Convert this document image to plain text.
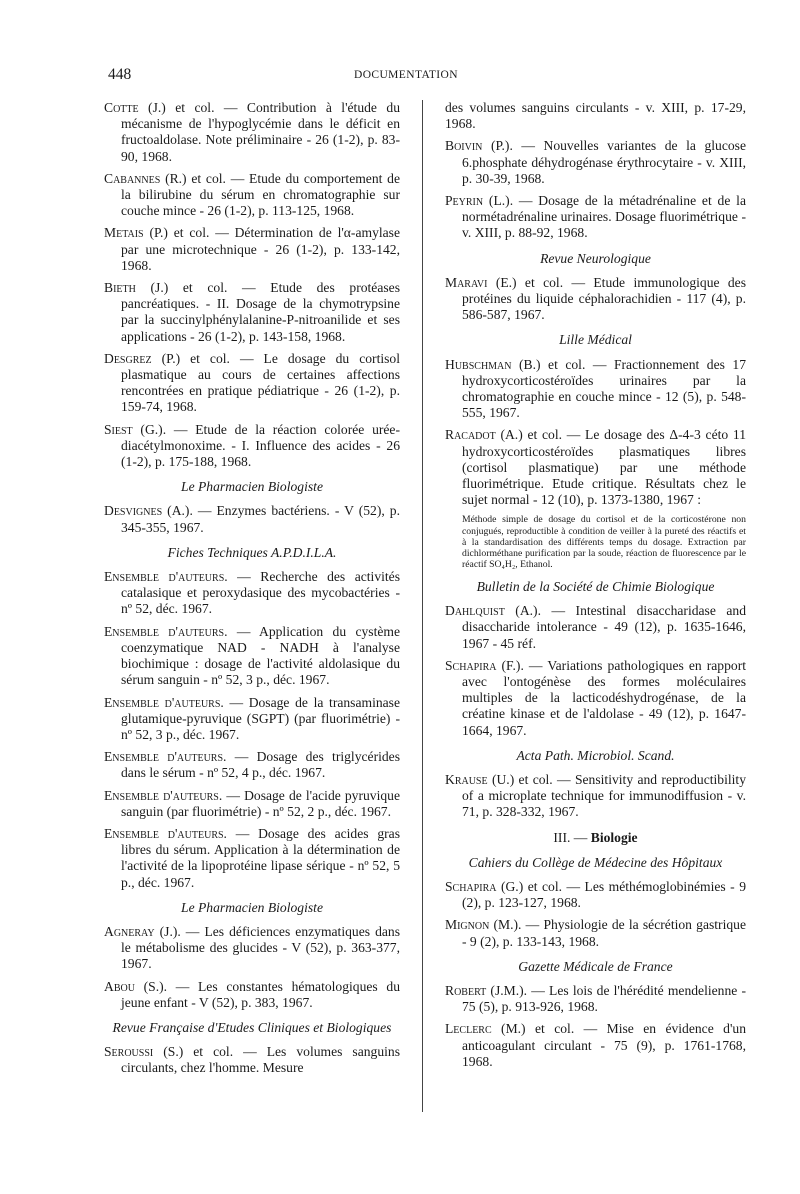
448	DOCUMENTATION

Cotte (J.) et col. — Contribution à l'étude du mécanisme de l'hypoglycémie dans le déficit en fructoaldolase. Note préliminaire - 26 (1-2), p. 83-90, 1968.

Cabannes (R.) et col. — Etude du comportement de la bilirubine du sérum en chromatographie sur couche mince - 26 (1-2), p. 113-125, 1968.

Metais (P.) et col. — Détermination de l'α-amylase par une microtechnique - 26 (1-2), p. 133-142, 1968.

Bieth (J.) et col. — Etude des protéases pancréatiques. - II. Dosage de la chymotrypsine par la succinylphénylalanine-P-nitroanilide et ses applications - 26 (1-2), p. 143-158, 1968.

Desgrez (P.) et col. — Le dosage du cortisol plasmatique au cours de certaines affections rencontrées en pratique pédiatrique - 26 (1-2), p. 159-74, 1968.

Siest (G.). — Etude de la réaction colorée urée-diacétylmonoxime. - I. Influence des acides - 26 (1-2), p. 175-188, 1968.

Le Pharmacien Biologiste

Desvignes (A.). — Enzymes bactériens. - V (52), p. 345-355, 1967.

Fiches Techniques A.P.D.I.L.A.

Ensemble d'auteurs. — Recherche des activités catalasique et peroxydasique des mycobactéries - nº 52, déc. 1967.

Ensemble d'auteurs. — Application du cystème coenzymatique NAD - NADH à l'analyse biochimique : dosage de l'activité aldolasique du sérum sanguin - nº 52, 3 p., déc. 1967.

Ensemble d'auteurs. — Dosage de la transaminase glutamique-pyruvique (SGPT) (par fluorimétrie) - nº 52, 3 p., déc. 1967.

Ensemble d'auteurs. — Dosage des triglycérides dans le sérum - nº 52, 4 p., déc. 1967.

Ensemble d'auteurs. — Dosage de l'acide pyruvique sanguin (par fluorimétrie) - nº 52, 2 p., déc. 1967.

Ensemble d'auteurs. — Dosage des acides gras libres du sérum. Application à la détermination de l'activité de la lipoprotéine lipase sérique - nº 52, 5 p., déc. 1967.

Le Pharmacien Biologiste

Agneray (J.). — Les déficiences enzymatiques dans le métabolisme des glucides - V (52), p. 363-377, 1967.

Abou (S.). — Les constantes hématologiques du jeune enfant - V (52), p. 383, 1967.

Revue Française d'Etudes Cliniques et Biologiques

Seroussi (S.) et col. — Les volumes sanguins circulants, chez l'homme. Mesure

des volumes sanguins circulants - v. XIII, p. 17-29, 1968.

Boivin (P.). — Nouvelles variantes de la glucose 6.phosphate déhydrogénase érythrocytaire - v. XIII, p. 30-39, 1968.

Peyrin (L.). — Dosage de la métadrénaline et de la normétadrénaline urinaires. Dosage fluorimétrique - v. XIII, p. 88-92, 1968.

Revue Neurologique

Maravi (E.) et col. — Etude immunologique des protéines du liquide céphalorachidien - 117 (4), p. 586-587, 1967.

Lille Médical

Hubschman (B.) et col. — Fractionnement des 17 hydroxycorticostéroïdes urinaires par la chromatographie en couche mince - 12 (5), p. 548-555, 1967.

Racadot (A.) et col. — Le dosage des Δ-4-3 céto 11 hydroxycorticostéroïdes plasmatiques libres (cortisol plasmatique) par une méthode fluorimétrique. Etude critique. Résultats chez le sujet normal - 12 (10), p. 1373-1380, 1967 :

Méthode simple de dosage du cortisol et de la corticostérone non conjugués, reproductible à condition de veiller à la pureté des réactifs et à la standardisation des différents temps du dosage. Extraction par dichlorméthane purification par la soude, réaction de fluorescence par le réactif SO₄H₂, Ethanol.
Bulletin de la Société de Chimie Biologique

Dahlquist (A.). — Intestinal disaccharidase and disaccharide intolerance - 49 (12), p. 1635-1646, 1967 - 45 réf.

Schapira (F.). — Variations pathologiques en rapport avec l'ontogénèse des formes moléculaires multiples de la lacticodéshydrogénase, de la créatine kinase et de l'aldolase - 49 (12), p. 1647-1664, 1967.

Acta Path. Microbiol. Scand.

Krause (U.) et col. — Sensitivity and reproductibility of a microplate technique for immunodiffusion - v. 71, p. 328-332, 1967.

III. — Biologie
Cahiers du Collège de Médecine des Hôpitaux

Schapira (G.) et col. — Les méthémoglobinémies - 9 (2), p. 123-127, 1968.

Mignon (M.). — Physiologie de la sécrétion gastrique - 9 (2), p. 133-143, 1968.

Gazette Médicale de France

Robert (J.M.). — Les lois de l'hérédité mendelienne - 75 (5), p. 913-926, 1968.

Leclerc (M.) et col. — Mise en évidence d'un anticoagulant circulant - 75 (9), p. 1761-1768, 1968.
